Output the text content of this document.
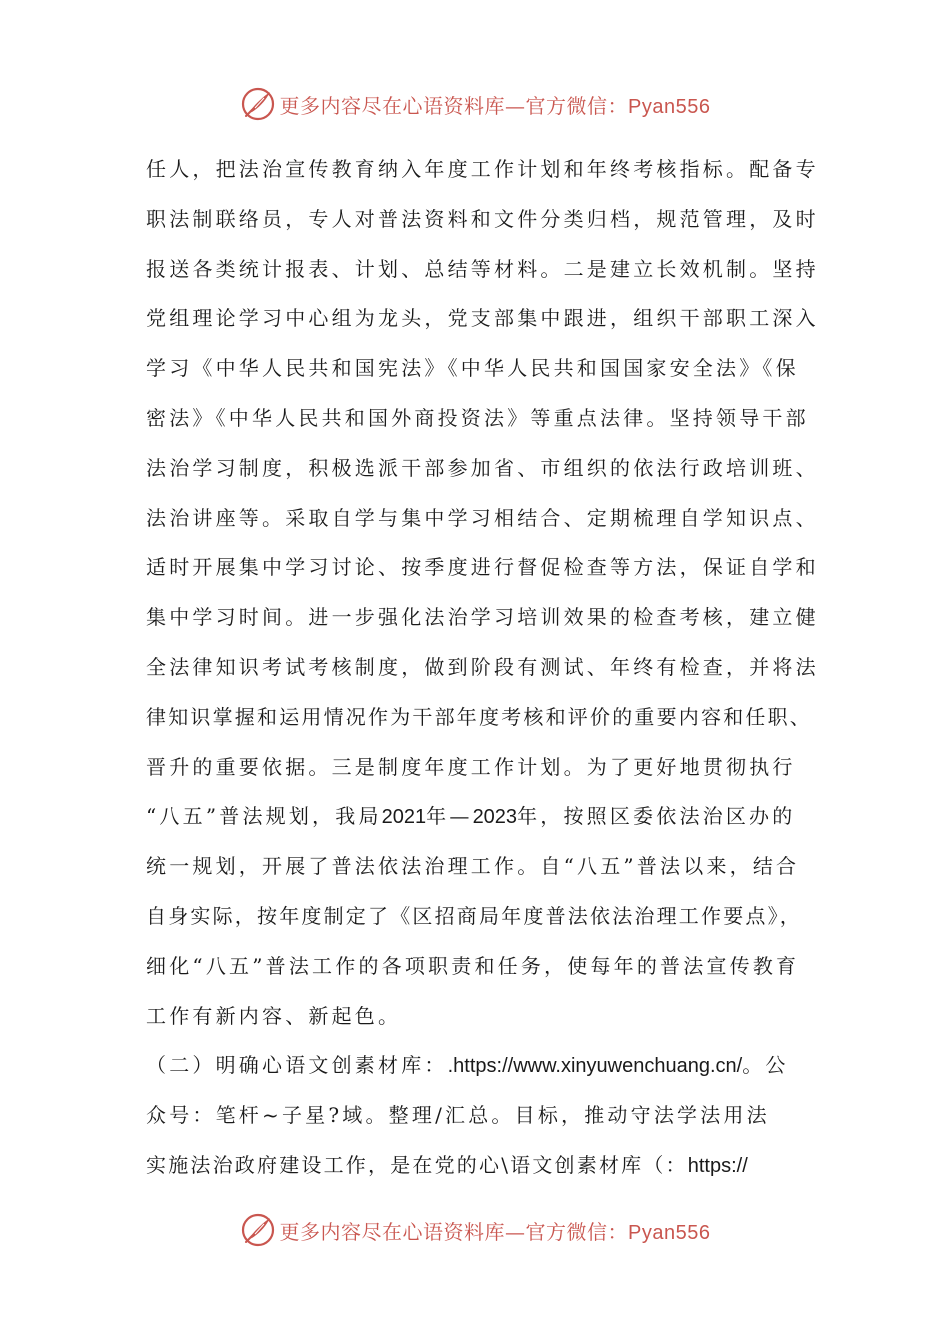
更多内容尽在心语资料库—官方微信：Pyan556
任人，把法治宣传教育纳入年度工作计划和年终考核指标。配备专
职法制联络员，专人对普法资料和文件分类归档，规范管理，及时
报送各类统计报表、计划、总结等材料。二是建立长效机制。坚持
党组理论学习中心组为龙头，党支部集中跟进，组织干部职工深入
学习《中华人民共和国宪法》《中华人民共和国国家安全法》《保
密法》《中华人民共和国外商投资法》等重点法律。坚持领导干部
法治学习制度，积极选派干部参加省、市组织的依法行政培训班、
法治讲座等。采取自学与集中学习相结合、定期梳理自学知识点、
适时开展集中学习讨论、按季度进行督促检查等方法，保证自学和
集中学习时间。进一步强化法治学习培训效果的检查考核，建立健
全法律知识考试考核制度，做到阶段有测试、年终有检查，并将法
律知识掌握和运用情况作为干部年度考核和评价的重要内容和任职、
晋升的重要依据。三是制度年度工作计划。为了更好地贯彻执行
“八五”普法规划，我局2021年—2023年，按照区委依法治区办的
统一规划，开展了普法依法治理工作。自“八五”普法以来，结合
自身实际，按年度制定了《区招商局年度普法依法治理工作要点》，
细化“八五”普法工作的各项职责和任务，使每年的普法宣传教育
工作有新内容、新起色。
（二）明确心语文创素材库：.https://www.xinyuwenchuang.cn/。公
众号：笔杆~子星?域。整理/汇总。目标，推动守法学法用法
实施法治政府建设工作，是在党的心\语文创素材库（：https://
更多内容尽在心语资料库—官方微信：Pyan556
